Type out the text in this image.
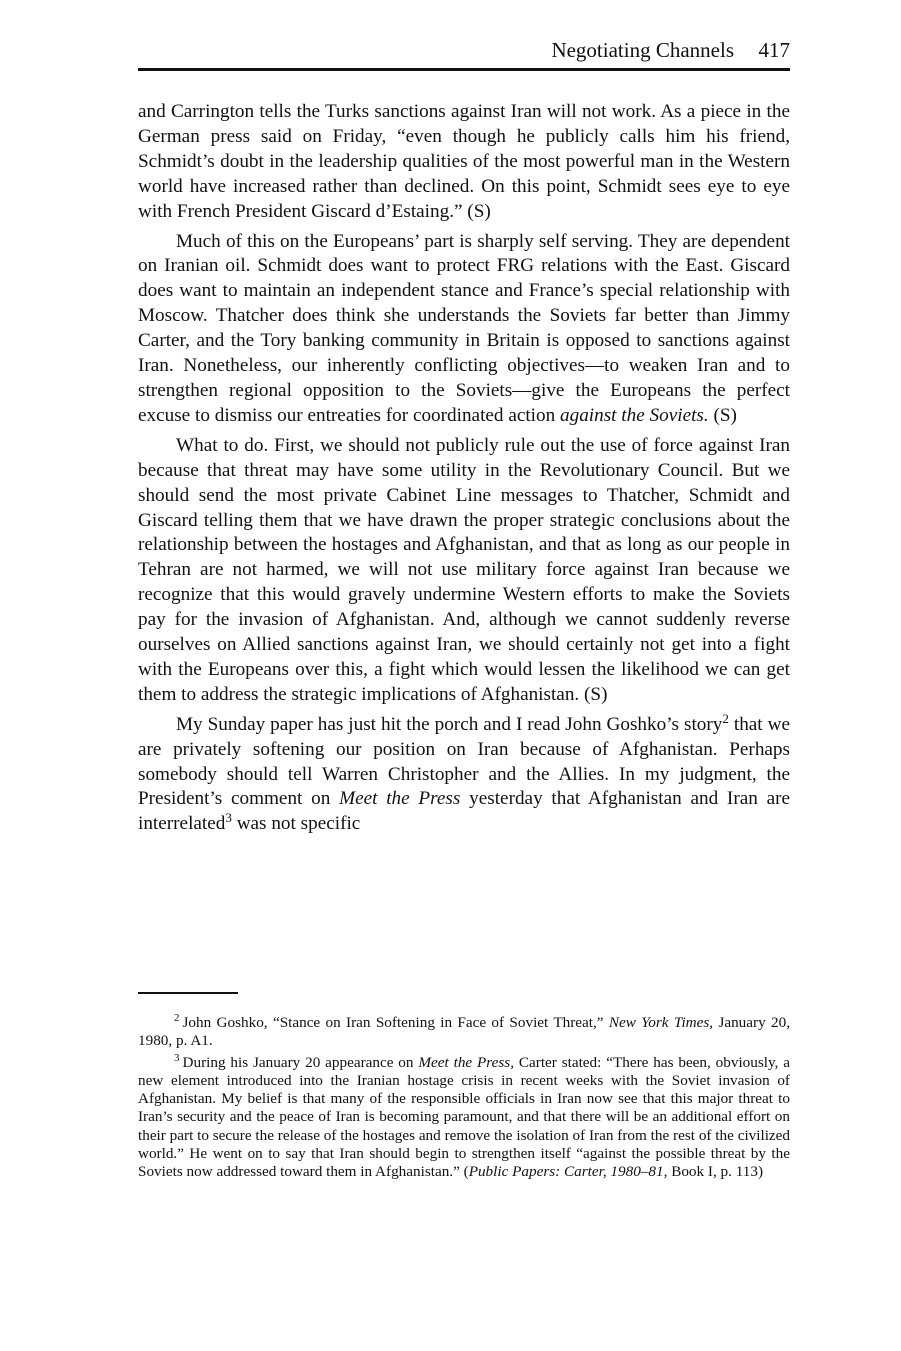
Negotiating Channels 417

and Carrington tells the Turks sanctions against Iran will not work. As a piece in the German press said on Friday, “even though he publicly calls him his friend, Schmidt’s doubt in the leadership qualities of the most powerful man in the Western world have increased rather than declined. On this point, Schmidt sees eye to eye with French President Giscard d’Estaing.” (S)

Much of this on the Europeans’ part is sharply self serving. They are dependent on Iranian oil. Schmidt does want to protect FRG relations with the East. Giscard does want to maintain an independent stance and France’s special relationship with Moscow. Thatcher does think she understands the Soviets far better than Jimmy Carter, and the Tory banking community in Britain is opposed to sanctions against Iran. Nonetheless, our inherently conflicting objectives—to weaken Iran and to strengthen regional opposition to the Soviets—give the Europeans the perfect excuse to dismiss our entreaties for coordinated action against the Soviets. (S)

What to do. First, we should not publicly rule out the use of force against Iran because that threat may have some utility in the Revolutionary Council. But we should send the most private Cabinet Line messages to Thatcher, Schmidt and Giscard telling them that we have drawn the proper strategic conclusions about the relationship between the hostages and Afghanistan, and that as long as our people in Tehran are not harmed, we will not use military force against Iran because we recognize that this would gravely undermine Western efforts to make the Soviets pay for the invasion of Afghanistan. And, although we cannot suddenly reverse ourselves on Allied sanctions against Iran, we should certainly not get into a fight with the Europeans over this, a fight which would lessen the likelihood we can get them to address the strategic implications of Afghanistan. (S)

My Sunday paper has just hit the porch and I read John Goshko’s story$^2$ that we are privately softening our position on Iran because of Afghanistan. Perhaps somebody should tell Warren Christopher and the Allies. In my judgment, the President’s comment on Meet the Press yesterday that Afghanistan and Iran are interrelated$^3$ was not specific

$^2$ John Goshko, “Stance on Iran Softening in Face of Soviet Threat,” New York Times, January 20, 1980, p. A1.

$^3$ During his January 20 appearance on Meet the Press, Carter stated: “There has been, obviously, a new element introduced into the Iranian hostage crisis in recent weeks with the Soviet invasion of Afghanistan. My belief is that many of the responsible officials in Iran now see that this major threat to Iran’s security and the peace of Iran is becoming paramount, and that there will be an additional effort on their part to secure the release of the hostages and remove the isolation of Iran from the rest of the civilized world.” He went on to say that Iran should begin to strengthen itself “against the possible threat by the Soviets now addressed toward them in Afghanistan.” (Public Papers: Carter, 1980–81, Book I, p. 113)
